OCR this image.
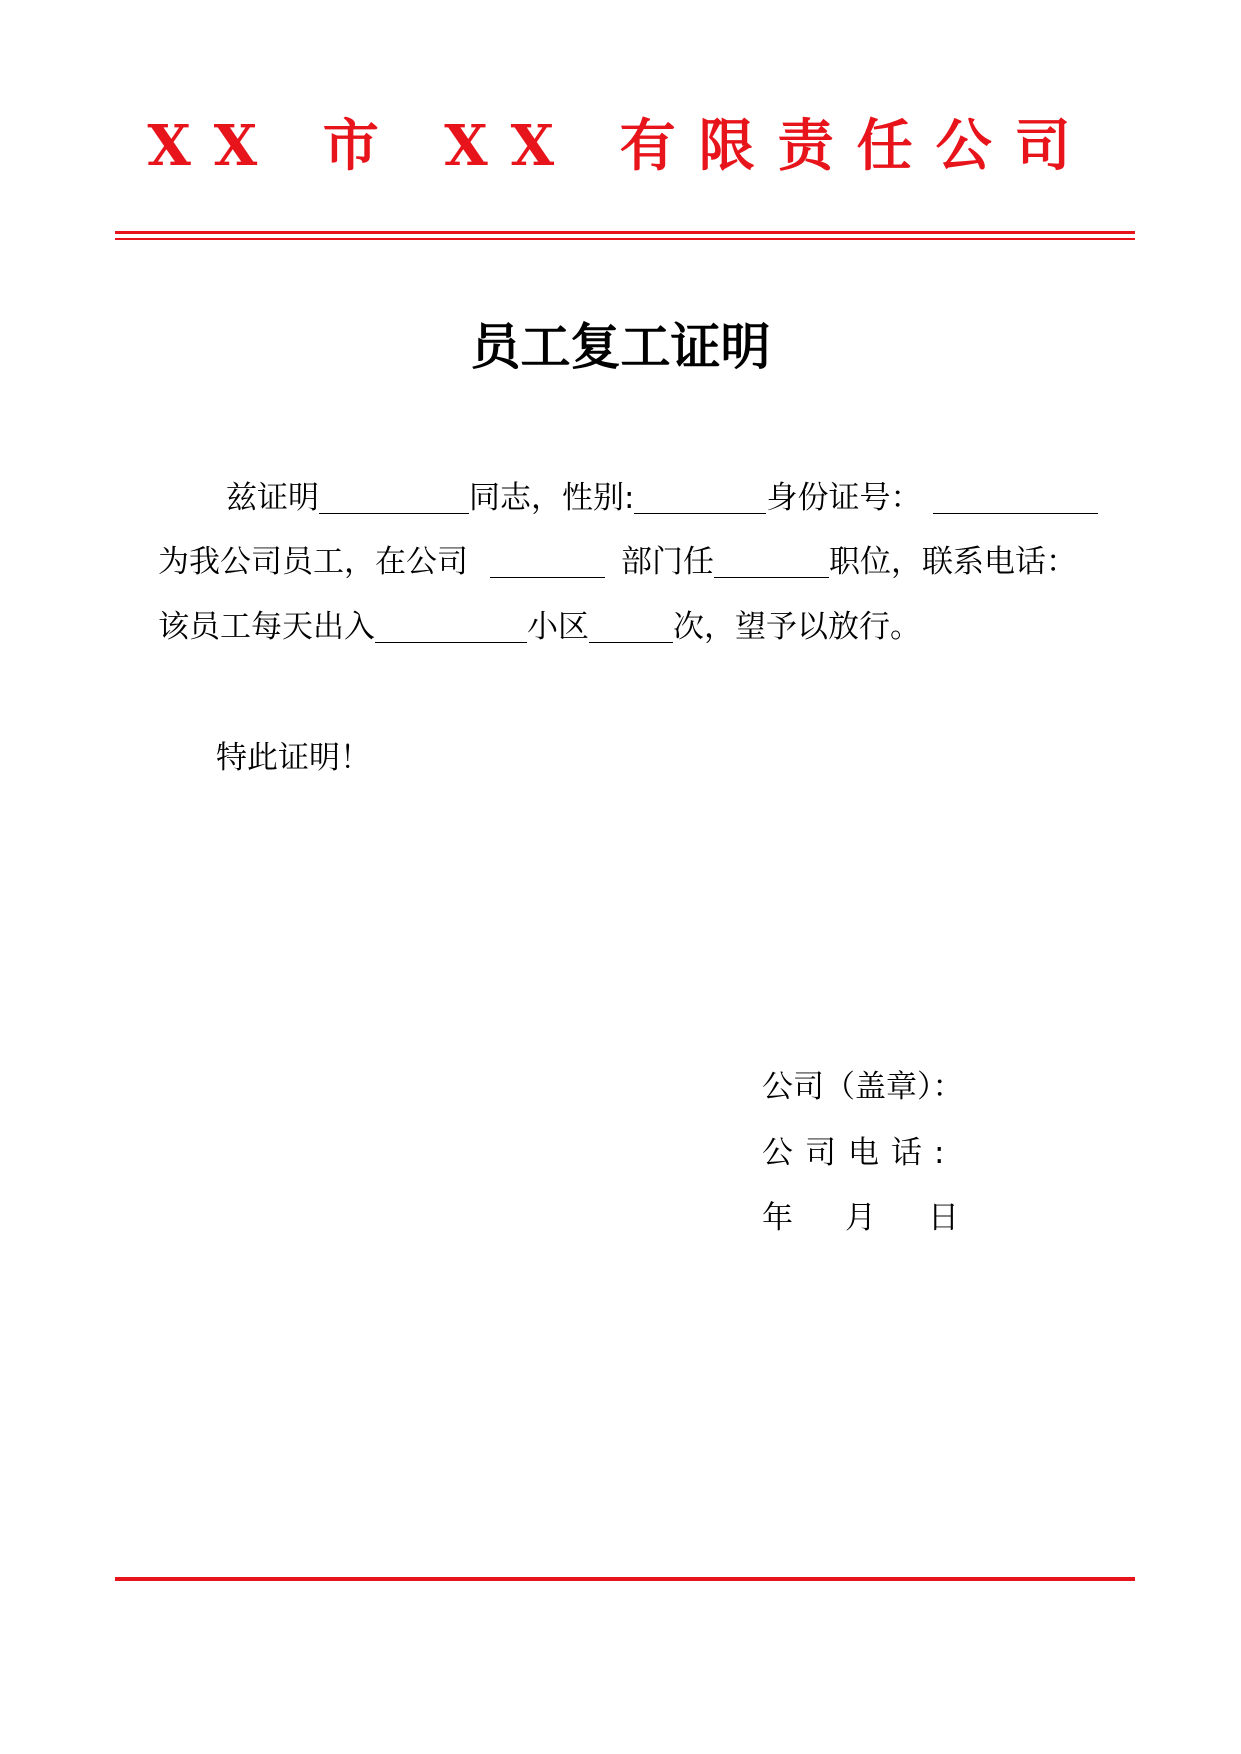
XX 市 XX 有限责任公司
员工复工证明
兹证明	同志，性别:	身份证号：
为我公司员工，在公司	部门任	职位，联系电话：
该员工每天出入	小区	次，望予以放行。
特此证明！
公司（盖章）：
公司电话:
年 月 日
